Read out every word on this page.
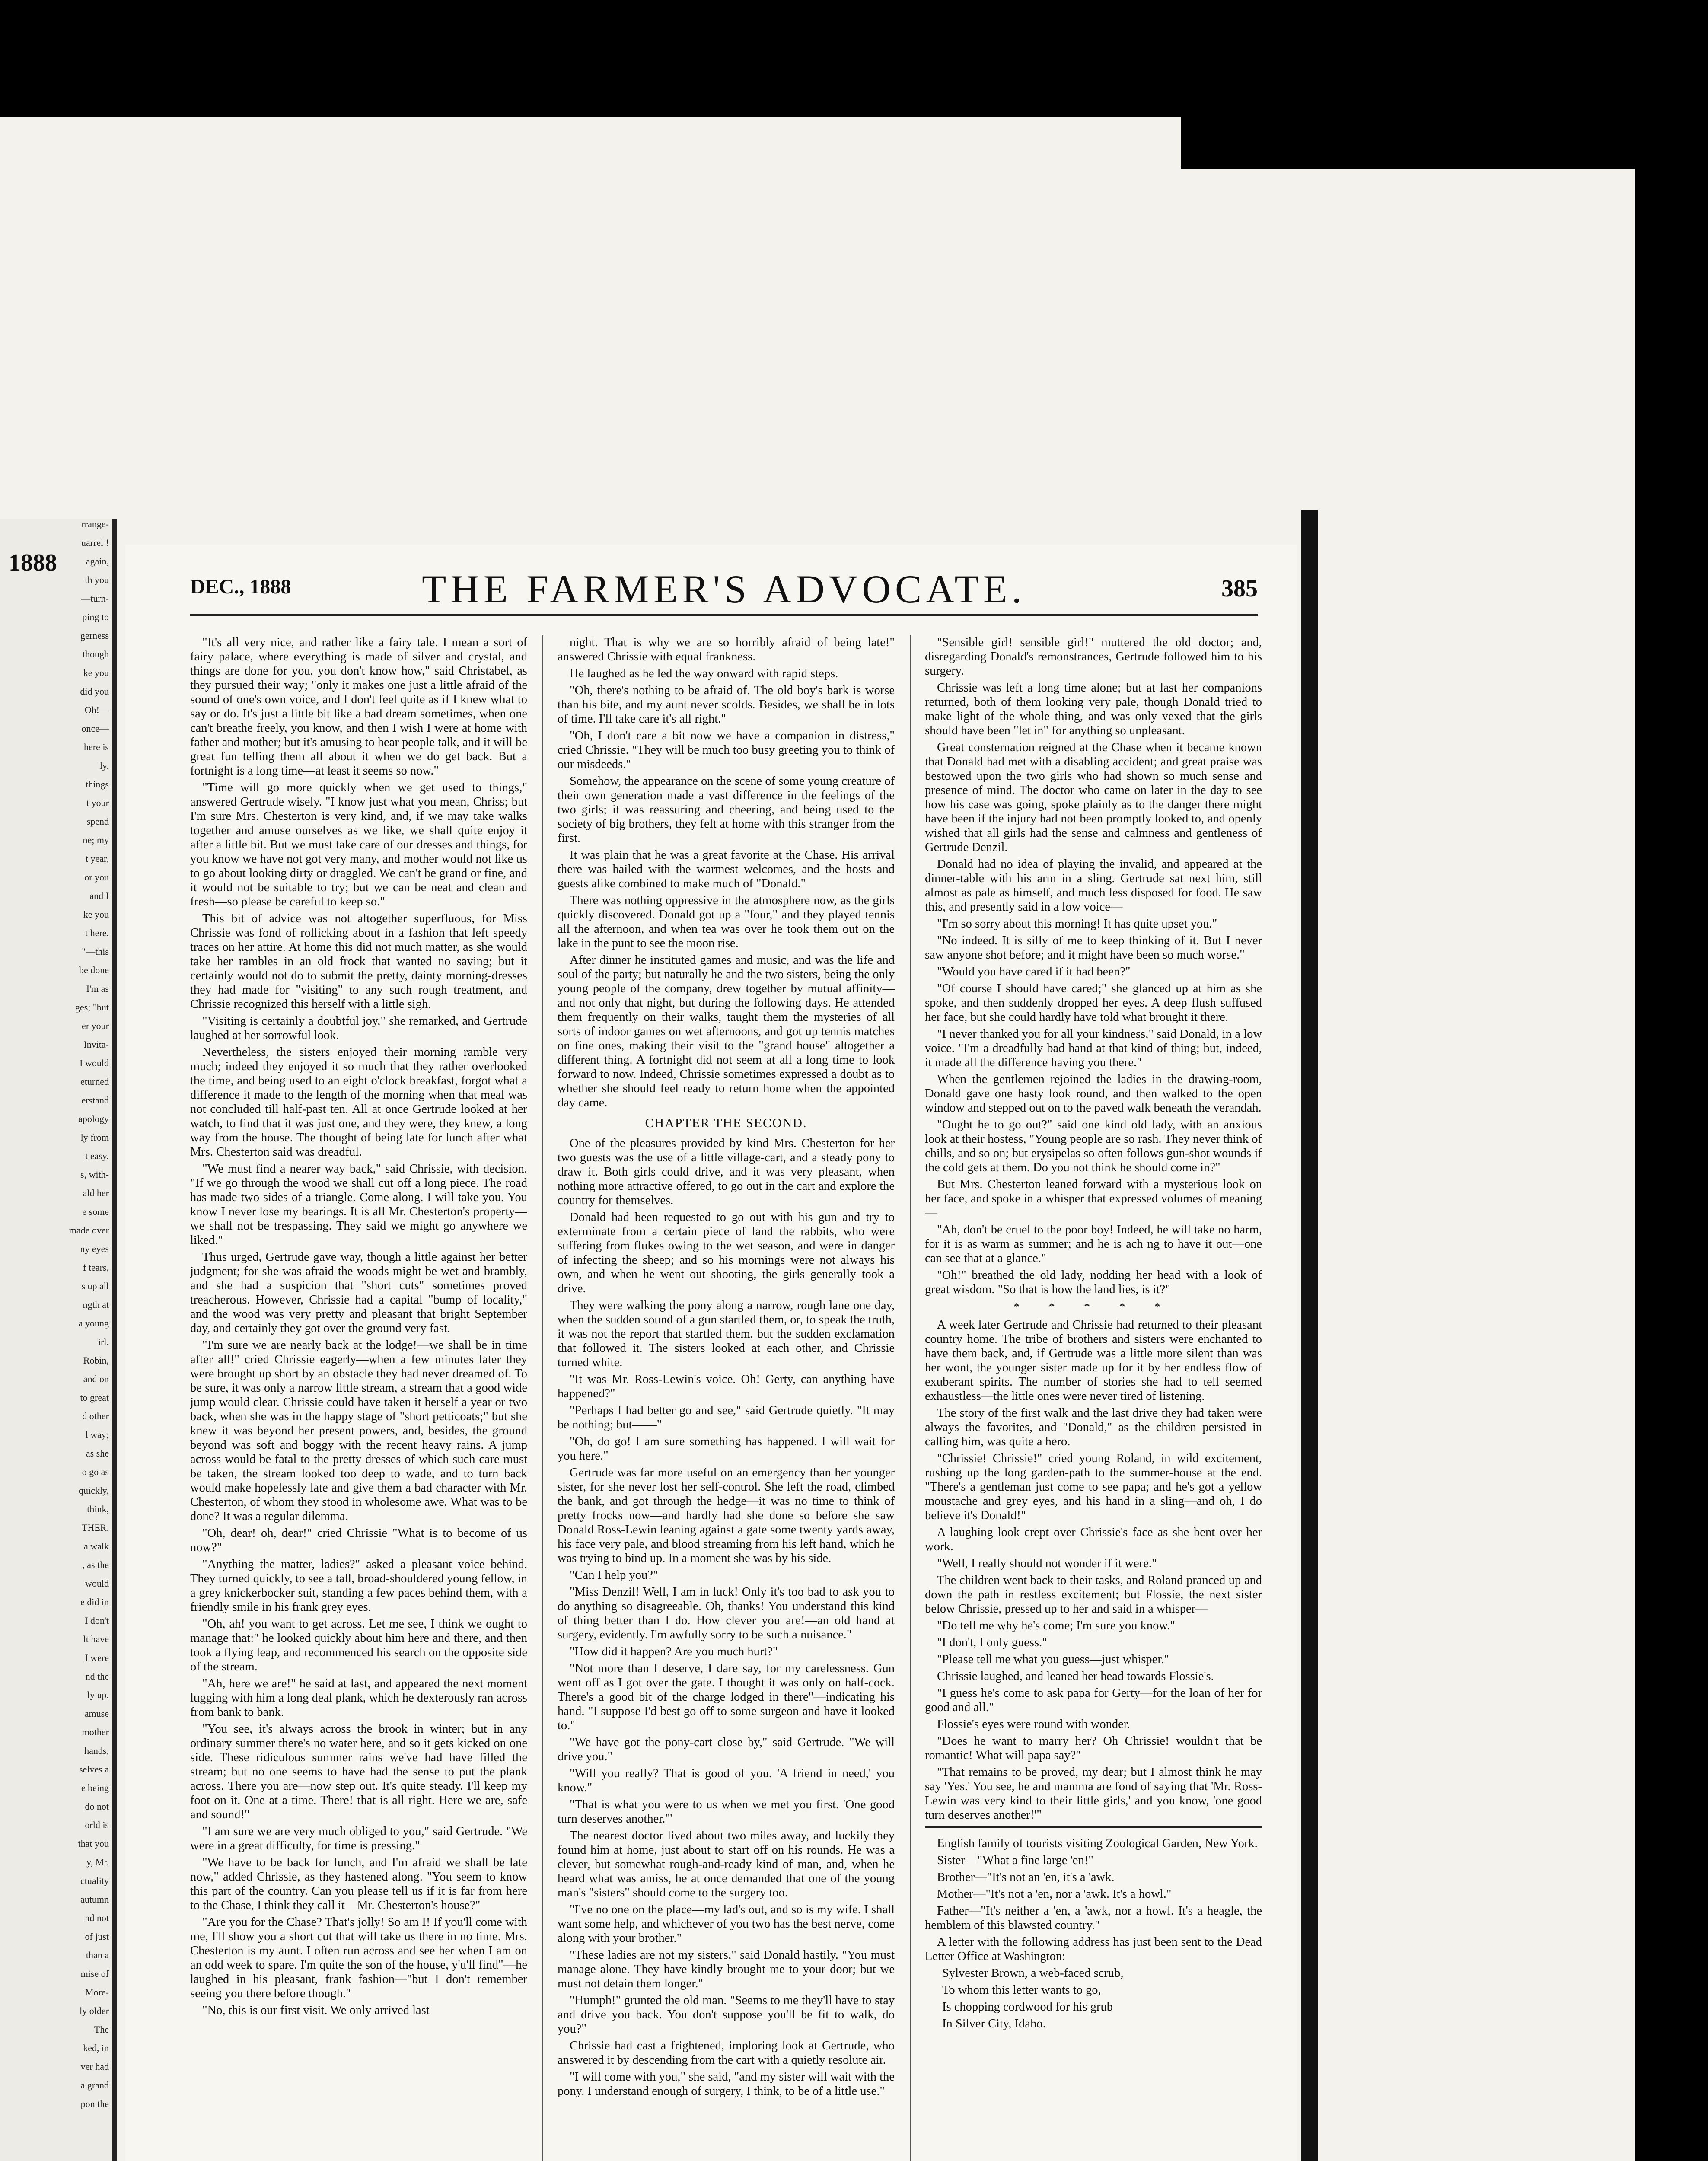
rrange-
uarrel !
again,
th you
—turn-
ping to
gerness
though
ke you
did you
Oh!—
once—
here is
ly.
things
t your
spend
ne; my
t year,
or you
and I
ke you
t here.
"—this
be done
I'm as
ges; "but
er your
Invita-
I would
eturned
erstand
apology
ly from
t easy,
s, with-
ald her
e some
made over
ny eyes
f tears,
s up all
ngth at
a young
irl.
Robin,
and on
to great
d other
l way;
as she
o go as
quickly,
think,
THER.
a walk
, as the
would
e did in
I don't
lt have
I were
nd the
ly up.
amuse
mother
hands,
selves a
e being
do not
orld is
that you
y, Mr.
ctuality
autumn
nd not
of just
than a
mise of
More-
ly older
The
ked, in
ver had
a grand
pon the
1888
DEC., 1888	THE FARMER'S ADVOCATE.	385

"It's all very nice, and rather like a fairy tale. I mean a sort of fairy palace, where everything is made of silver and crystal, and things are done for you, you don't know how," said Christabel, as they pursued their way; "only it makes one just a little afraid of the sound of one's own voice, and I don't feel quite as if I knew what to say or do. It's just a little bit like a bad dream sometimes, when one can't breathe freely, you know, and then I wish I were at home with father and mother; but it's amusing to hear people talk, and it will be great fun telling them all about it when we do get back. But a fortnight is a long time—at least it seems so now."

"Time will go more quickly when we get used to things," answered Gertrude wisely. "I know just what you mean, Chriss; but I'm sure Mrs. Chesterton is very kind, and, if we may take walks together and amuse ourselves as we like, we shall quite enjoy it after a little bit. But we must take care of our dresses and things, for you know we have not got very many, and mother would not like us to go about looking dirty or draggled. We can't be grand or fine, and it would not be suitable to try; but we can be neat and clean and fresh—so please be careful to keep so."

This bit of advice was not altogether superfluous, for Miss Chrissie was fond of rollicking about in a fashion that left speedy traces on her attire. At home this did not much matter, as she would take her rambles in an old frock that wanted no saving; but it certainly would not do to submit the pretty, dainty morning-dresses they had made for "visiting" to any such rough treatment, and Chrissie recognized this herself with a little sigh.

"Visiting is certainly a doubtful joy," she remarked, and Gertrude laughed at her sorrowful look.

Nevertheless, the sisters enjoyed their morning ramble very much; indeed they enjoyed it so much that they rather overlooked the time, and being used to an eight o'clock breakfast, forgot what a difference it made to the length of the morning when that meal was not concluded till half-past ten. All at once Gertrude looked at her watch, to find that it was just one, and they were, they knew, a long way from the house. The thought of being late for lunch after what Mrs. Chesterton said was dreadful.

"We must find a nearer way back," said Chrissie, with decision. "If we go through the wood we shall cut off a long piece. The road has made two sides of a triangle. Come along. I will take you. You know I never lose my bearings. It is all Mr. Chesterton's property—we shall not be trespassing. They said we might go anywhere we liked."

Thus urged, Gertrude gave way, though a little against her better judgment; for she was afraid the woods might be wet and brambly, and she had a suspicion that "short cuts" sometimes proved treacherous. However, Chrissie had a capital "bump of locality," and the wood was very pretty and pleasant that bright September day, and certainly they got over the ground very fast.

"I'm sure we are nearly back at the lodge!—we shall be in time after all!" cried Chrissie eagerly—when a few minutes later they were brought up short by an obstacle they had never dreamed of. To be sure, it was only a narrow little stream, a stream that a good wide jump would clear. Chrissie could have taken it herself a year or two back, when she was in the happy stage of "short petticoats;" but she knew it was beyond her present powers, and, besides, the ground beyond was soft and boggy with the recent heavy rains. A jump across would be fatal to the pretty dresses of which such care must be taken, the stream looked too deep to wade, and to turn back would make hopelessly late and give them a bad character with Mr. Chesterton, of whom they stood in wholesome awe. What was to be done? It was a regular dilemma.

"Oh, dear! oh, dear!" cried Chrissie "What is to become of us now?"

"Anything the matter, ladies?" asked a pleasant voice behind. They turned quickly, to see a tall, broad-shouldered young fellow, in a grey knickerbocker suit, standing a few paces behind them, with a friendly smile in his frank grey eyes.

"Oh, ah! you want to get across. Let me see, I think we ought to manage that:" he looked quickly about him here and there, and then took a flying leap, and recommenced his search on the opposite side of the stream.

"Ah, here we are!" he said at last, and appeared the next moment lugging with him a long deal plank, which he dexterously ran across from bank to bank.

"You see, it's always across the brook in winter; but in any ordinary summer there's no water here, and so it gets kicked on one side. These ridiculous summer rains we've had have filled the stream; but no one seems to have had the sense to put the plank across. There you are—now step out. It's quite steady. I'll keep my foot on it. One at a time. There! that is all right. Here we are, safe and sound!"

"I am sure we are very much obliged to you," said Gertrude. "We were in a great difficulty, for time is pressing."

"We have to be back for lunch, and I'm afraid we shall be late now," added Chrissie, as they hastened along. "You seem to know this part of the country. Can you please tell us if it is far from here to the Chase, I think they call it—Mr. Chesterton's house?"

"Are you for the Chase? That's jolly! So am I! If you'll come with me, I'll show you a short cut that will take us there in no time. Mrs. Chesterton is my aunt. I often run across and see her when I am on an odd week to spare. I'm quite the son of the house, y'u'll find"—he laughed in his pleasant, frank fashion—"but I don't remember seeing you there before though."

"No, this is our first visit. We only arrived last

night. That is why we are so horribly afraid of being late!" answered Chrissie with equal frankness.

He laughed as he led the way onward with rapid steps.

"Oh, there's nothing to be afraid of. The old boy's bark is worse than his bite, and my aunt never scolds. Besides, we shall be in lots of time. I'll take care it's all right."

"Oh, I don't care a bit now we have a companion in distress," cried Chrissie. "They will be much too busy greeting you to think of our misdeeds."

Somehow, the appearance on the scene of some young creature of their own generation made a vast difference in the feelings of the two girls; it was reassuring and cheering, and being used to the society of big brothers, they felt at home with this stranger from the first.

It was plain that he was a great favorite at the Chase. His arrival there was hailed with the warmest welcomes, and the hosts and guests alike combined to make much of "Donald."

There was nothing oppressive in the atmosphere now, as the girls quickly discovered. Donald got up a "four," and they played tennis all the afternoon, and when tea was over he took them out on the lake in the punt to see the moon rise.

After dinner he instituted games and music, and was the life and soul of the party; but naturally he and the two sisters, being the only young people of the company, drew together by mutual affinity—and not only that night, but during the following days. He attended them frequently on their walks, taught them the mysteries of all sorts of indoor games on wet afternoons, and got up tennis matches on fine ones, making their visit to the "grand house" altogether a different thing. A fortnight did not seem at all a long time to look forward to now. Indeed, Chrissie sometimes expressed a doubt as to whether she should feel ready to return home when the appointed day came.

CHAPTER THE SECOND.

One of the pleasures provided by kind Mrs. Chesterton for her two guests was the use of a little village-cart, and a steady pony to draw it. Both girls could drive, and it was very pleasant, when nothing more attractive offered, to go out in the cart and explore the country for themselves.

Donald had been requested to go out with his gun and try to exterminate from a certain piece of land the rabbits, who were suffering from flukes owing to the wet season, and were in danger of infecting the sheep; and so his mornings were not always his own, and when he went out shooting, the girls generally took a drive.

They were walking the pony along a narrow, rough lane one day, when the sudden sound of a gun startled them, or, to speak the truth, it was not the report that startled them, but the sudden exclamation that followed it. The sisters looked at each other, and Chrissie turned white.

"It was Mr. Ross-Lewin's voice. Oh! Gerty, can anything have happened?"

"Perhaps I had better go and see," said Gertrude quietly. "It may be nothing; but——"

"Oh, do go! I am sure something has happened. I will wait for you here."

Gertrude was far more useful on an emergency than her younger sister, for she never lost her self-control. She left the road, climbed the bank, and got through the hedge—it was no time to think of pretty frocks now—and hardly had she done so before she saw Donald Ross-Lewin leaning against a gate some twenty yards away, his face very pale, and blood streaming from his left hand, which he was trying to bind up. In a moment she was by his side.

"Can I help you?"

"Miss Denzil! Well, I am in luck! Only it's too bad to ask you to do anything so disagreeable. Oh, thanks! You understand this kind of thing better than I do. How clever you are!—an old hand at surgery, evidently. I'm awfully sorry to be such a nuisance."

"How did it happen? Are you much hurt?"

"Not more than I deserve, I dare say, for my carelessness. Gun went off as I got over the gate. I thought it was only on half-cock. There's a good bit of the charge lodged in there"—indicating his hand. "I suppose I'd best go off to some surgeon and have it looked to."

"We have got the pony-cart close by," said Gertrude. "We will drive you."

"Will you really? That is good of you. 'A friend in need,' you know."

"That is what you were to us when we met you first. 'One good turn deserves another.'"

The nearest doctor lived about two miles away, and luckily they found him at home, just about to start off on his rounds. He was a clever, but somewhat rough-and-ready kind of man, and, when he heard what was amiss, he at once demanded that one of the young man's "sisters" should come to the surgery too.

"I've no one on the place—my lad's out, and so is my wife. I shall want some help, and whichever of you two has the best nerve, come along with your brother."

"These ladies are not my sisters," said Donald hastily. "You must manage alone. They have kindly brought me to your door; but we must not detain them longer."

"Humph!" grunted the old man. "Seems to me they'll have to stay and drive you back. You don't suppose you'll be fit to walk, do you?"

Chrissie had cast a frightened, imploring look at Gertrude, who answered it by descending from the cart with a quietly resolute air.

"I will come with you," she said, "and my sister will wait with the pony. I understand enough of surgery, I think, to be of a little use."

"Sensible girl! sensible girl!" muttered the old doctor; and, disregarding Donald's remonstrances, Gertrude followed him to his surgery.

Chrissie was left a long time alone; but at last her companions returned, both of them looking very pale, though Donald tried to make light of the whole thing, and was only vexed that the girls should have been "let in" for anything so unpleasant.

Great consternation reigned at the Chase when it became known that Donald had met with a disabling accident; and great praise was bestowed upon the two girls who had shown so much sense and presence of mind. The doctor who came on later in the day to see how his case was going, spoke plainly as to the danger there might have been if the injury had not been promptly looked to, and openly wished that all girls had the sense and calmness and gentleness of Gertrude Denzil.

Donald had no idea of playing the invalid, and appeared at the dinner-table with his arm in a sling. Gertrude sat next him, still almost as pale as himself, and much less disposed for food. He saw this, and presently said in a low voice—

"I'm so sorry about this morning! It has quite upset you."

"No indeed. It is silly of me to keep thinking of it. But I never saw anyone shot before; and it might have been so much worse."

"Would you have cared if it had been?"

"Of course I should have cared;" she glanced up at him as she spoke, and then suddenly dropped her eyes. A deep flush suffused her face, but she could hardly have told what brought it there.

"I never thanked you for all your kindness," said Donald, in a low voice. "I'm a dreadfully bad hand at that kind of thing; but, indeed, it made all the difference having you there."

When the gentlemen rejoined the ladies in the drawing-room, Donald gave one hasty look round, and then walked to the open window and stepped out on to the paved walk beneath the verandah.

"Ought he to go out?" said one kind old lady, with an anxious look at their hostess, "Young people are so rash. They never think of chills, and so on; but erysipelas so often follows gun-shot wounds if the cold gets at them. Do you not think he should come in?"

But Mrs. Chesterton leaned forward with a mysterious look on her face, and spoke in a whisper that expressed volumes of meaning—

"Ah, don't be cruel to the poor boy! Indeed, he will take no harm, for it is as warm as summer; and he is ach ng to have it out—one can see that at a glance."

"Oh!" breathed the old lady, nodding her head with a look of great wisdom. "So that is how the land lies, is it?"

* * * * *

A week later Gertrude and Chrissie had returned to their pleasant country home. The tribe of brothers and sisters were enchanted to have them back, and, if Gertrude was a little more silent than was her wont, the younger sister made up for it by her endless flow of exuberant spirits. The number of stories she had to tell seemed exhaustless—the little ones were never tired of listening.

The story of the first walk and the last drive they had taken were always the favorites, and "Donald," as the children persisted in calling him, was quite a hero.

"Chrissie! Chrissie!" cried young Roland, in wild excitement, rushing up the long garden-path to the summer-house at the end. "There's a gentleman just come to see papa; and he's got a yellow moustache and grey eyes, and his hand in a sling—and oh, I do believe it's Donald!"

A laughing look crept over Chrissie's face as she bent over her work.

"Well, I really should not wonder if it were."

The children went back to their tasks, and Roland pranced up and down the path in restless excitement; but Flossie, the next sister below Chrissie, pressed up to her and said in a whisper—

"Do tell me why he's come; I'm sure you know."

"I don't, I only guess."

"Please tell me what you guess—just whisper."

Chrissie laughed, and leaned her head towards Flossie's.

"I guess he's come to ask papa for Gerty—for the loan of her for good and all."

Flossie's eyes were round with wonder.

"Does he want to marry her? Oh Chrissie! wouldn't that be romantic! What will papa say?"

"That remains to be proved, my dear; but I almost think he may say 'Yes.' You see, he and mamma are fond of saying that 'Mr. Ross-Lewin was very kind to their little girls,' and you know, 'one good turn deserves another!'"

English family of tourists visiting Zoological Garden, New York.

Sister—"What a fine large 'en!"

Brother—"It's not an 'en, it's a 'awk.

Mother—"It's not a 'en, nor a 'awk. It's a howl."

Father—"It's neither a 'en, a 'awk, nor a howl. It's a heagle, the hemblem of this blawsted country."

A letter with the following address has just been sent to the Dead Letter Office at Washington:

Sylvester Brown, a web-faced scrub,

To whom this letter wants to go,

Is chopping cordwood for his grub

In Silver City, Idaho.
